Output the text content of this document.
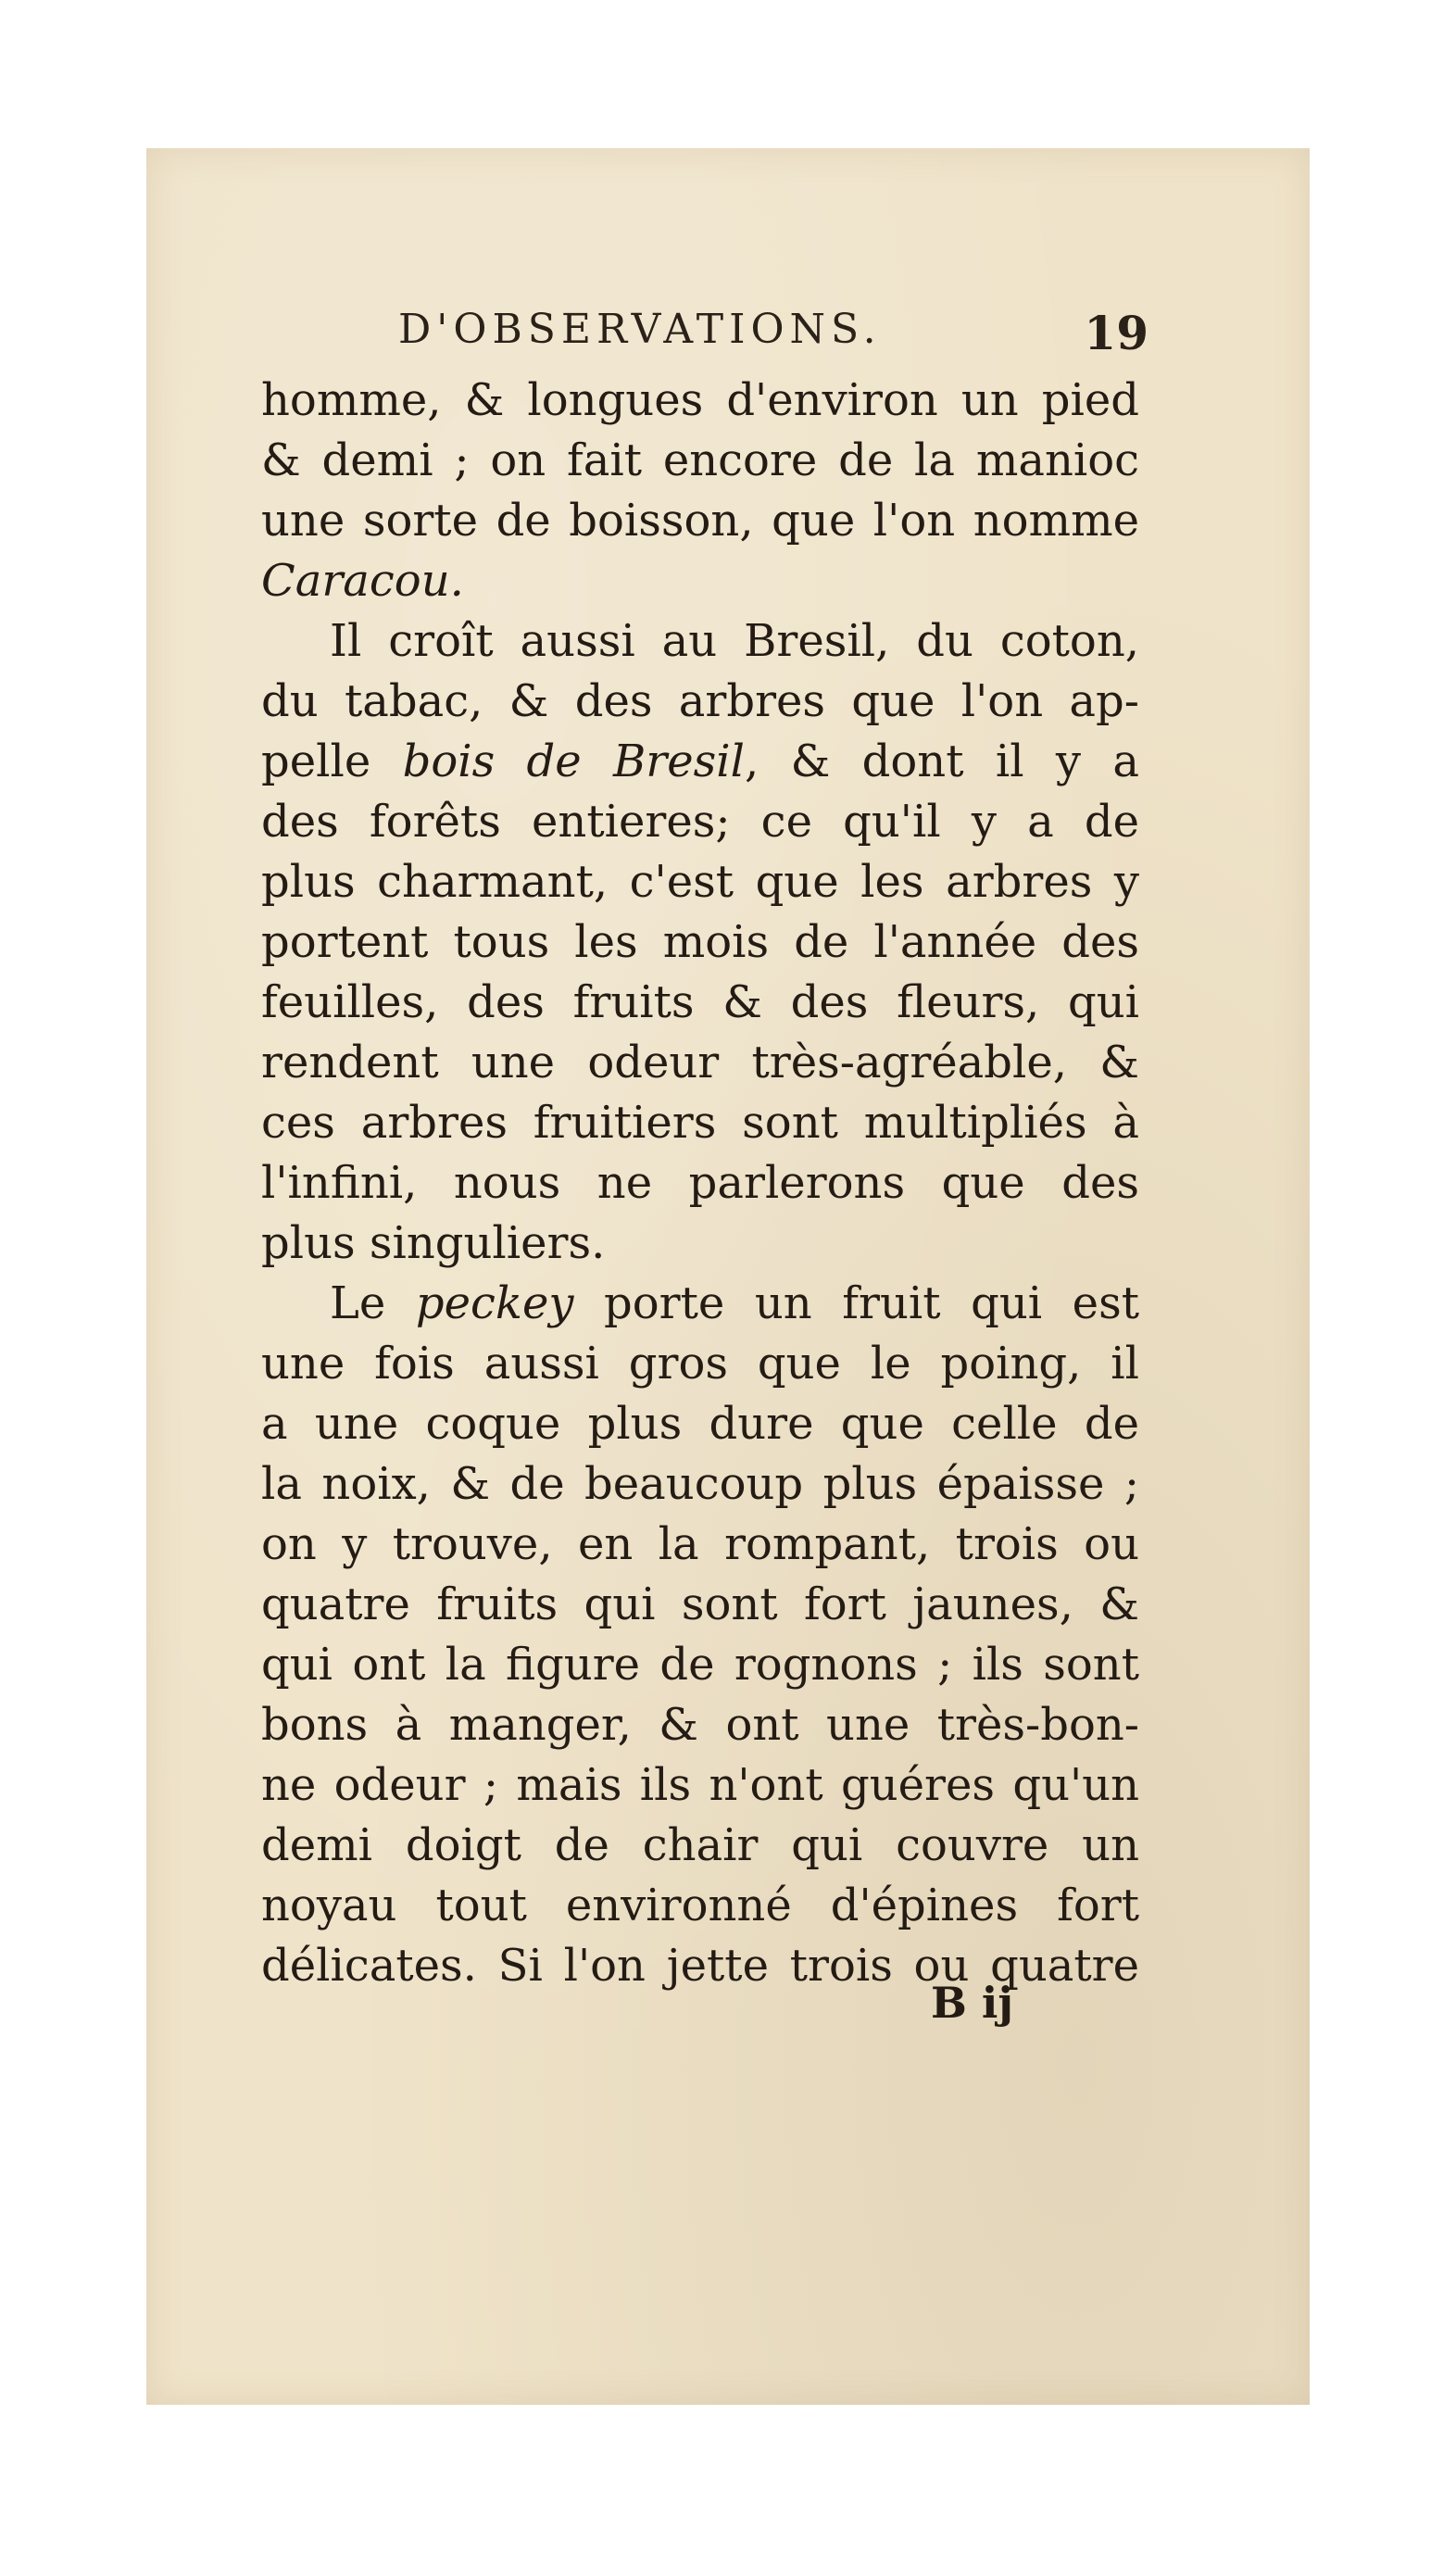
D'OBSERVATIONS.	19
homme, & longues d'environ un pied
& demi ; on fait encore de la manioc
une sorte de boisson, que l'on nomme
Caracou.
Il croît aussi au Bresil, du coton,
du tabac, & des arbres que l'on ap-
pelle bois de Bresil, & dont il y a
des forêts entieres; ce qu'il y a de
plus charmant, c'est que les arbres y
portent tous les mois de l'année des
feuilles, des fruits & des fleurs, qui
rendent une odeur très-agréable, &
ces arbres fruitiers sont multipliés à
l'infini, nous ne parlerons que des
plus singuliers.
Le peckey porte un fruit qui est
une fois aussi gros que le poing, il
a une coque plus dure que celle de
la noix, & de beaucoup plus épaisse ;
on y trouve, en la rompant, trois ou
quatre fruits qui sont fort jaunes, &
qui ont la figure de rognons ; ils sont
bons à manger, & ont une très-bon-
ne odeur ; mais ils n'ont guéres qu'un
demi doigt de chair qui couvre un
noyau tout environné d'épines fort
délicates. Si l'on jette trois ou quatre
B ij
